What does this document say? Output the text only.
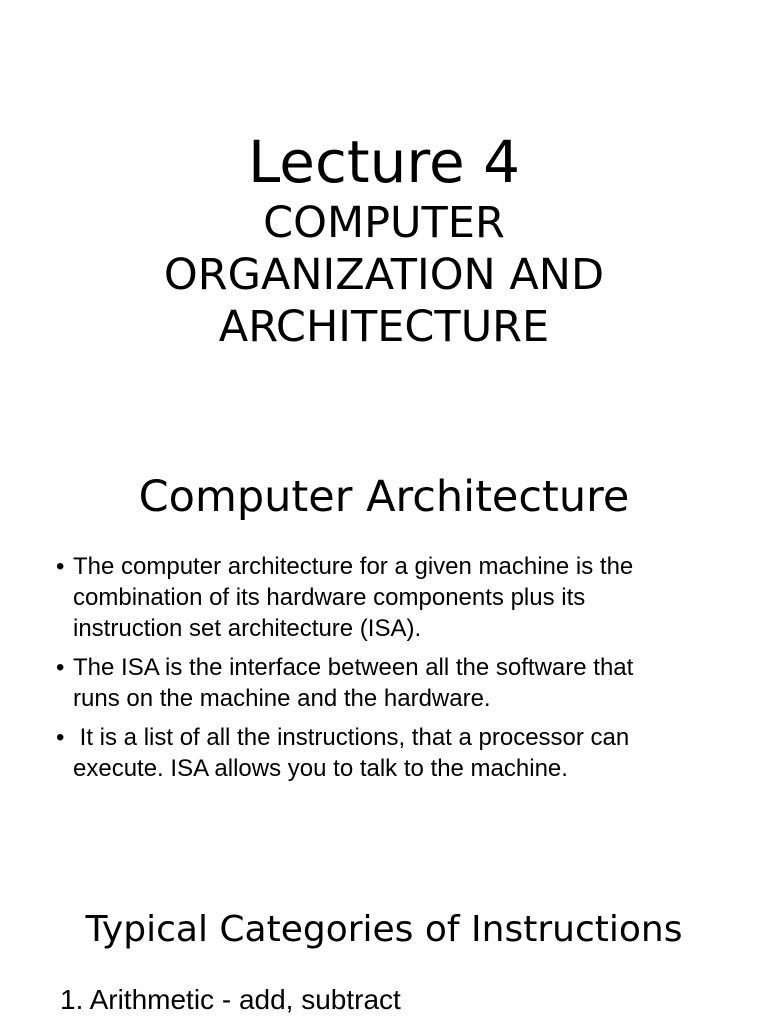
Lecture 4
COMPUTER
ORGANIZATION AND
ARCHITECTURE
Computer Architecture
• The computer architecture for a given machine is the
combination of its hardware components plus its
instruction set architecture (ISA).
• The ISA is the interface between all the software that
runs on the machine and the hardware.
• It is a list of all the instructions, that a processor can
execute. ISA allows you to talk to the machine.
Typical Categories of Instructions
1. Arithmetic - add, subtract
